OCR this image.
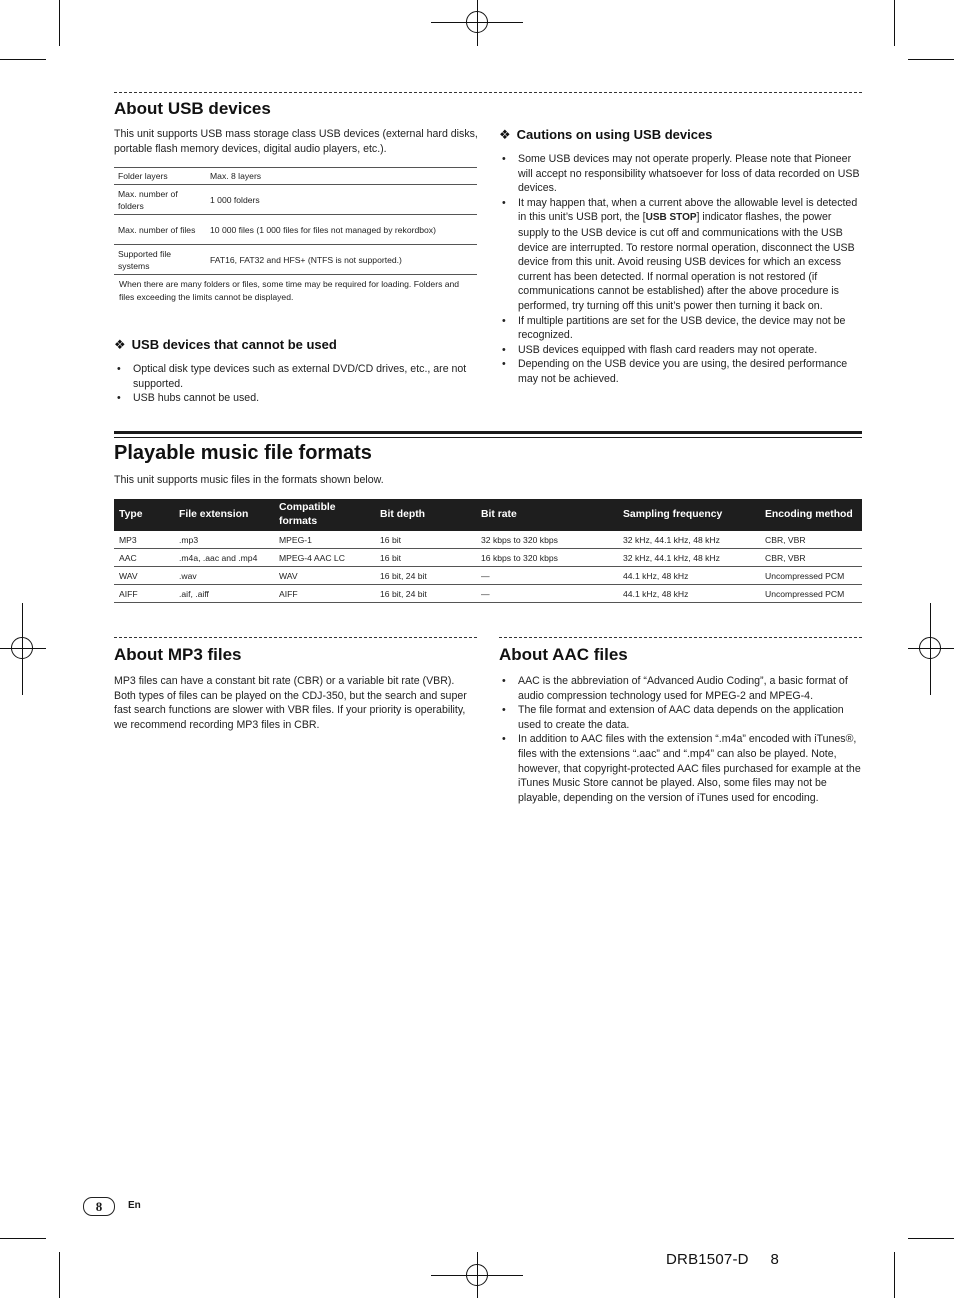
About USB devices

This unit supports USB mass storage class USB devices (external hard disks, portable flash memory devices, digital audio players, etc.).

Folder layers	Max. 8 layers
Max. number of folders	1 000 folders
Max. number of files	10 000 files (1 000 files for files not managed by rekordbox)
Supported file systems	FAT16, FAT32 and HFS+ (NTFS is not supported.)

When there are many folders or files, some time may be required for loading. Folders and files exceeding the limits cannot be displayed.

❖ USB devices that cannot be used
• Optical disk type devices such as external DVD/CD drives, etc., are not supported.
• USB hubs cannot be used.
❖ Cautions on using USB devices
• Some USB devices may not operate properly. Please note that Pioneer will accept no responsibility whatsoever for loss of data recorded on USB devices.
• It may happen that, when a current above the allowable level is detected in this unit’s USB port, the [USB STOP] indicator flashes, the power supply to the USB device is cut off and communications with the USB device are interrupted. To restore normal operation, disconnect the USB device from this unit. Avoid reusing USB devices for which an excess current has been detected. If normal operation is not restored (if communications cannot be established) after the above procedure is performed, try turning off this unit’s power then turning it back on.
• If multiple partitions are set for the USB device, the device may not be recognized.
• USB devices equipped with flash card readers may not operate.
• Depending on the USB device you are using, the desired performance may not be achieved.
Playable music file formats

This unit supports music files in the formats shown below.

Type	File extension	Compatible formats	Bit depth	Bit rate	Sampling frequency	Encoding method
MP3	.mp3	MPEG-1	16 bit	32 kbps to 320 kbps	32 kHz, 44.1 kHz, 48 kHz	CBR, VBR
AAC	.m4a, .aac and .mp4	MPEG-4 AAC LC	16 bit	16 kbps to 320 kbps	32 kHz, 44.1 kHz, 48 kHz	CBR, VBR
WAV	.wav	WAV	16 bit, 24 bit	—	44.1 kHz, 48 kHz	Uncompressed PCM
AIFF	.aif, .aiff	AIFF	16 bit, 24 bit	—	44.1 kHz, 48 kHz	Uncompressed PCM
About MP3 files

MP3 files can have a constant bit rate (CBR) or a variable bit rate (VBR). Both types of files can be played on the CDJ-350, but the search and super fast search functions are slower with VBR files. If your priority is operability, we recommend recording MP3 files in CBR.

About AAC files
• AAC is the abbreviation of “Advanced Audio Coding”, a basic format of audio compression technology used for MPEG-2 and MPEG-4.
• The file format and extension of AAC data depends on the application used to create the data.
• In addition to AAC files with the extension “.m4a” encoded with iTunes®, files with the extensions “.aac” and “.mp4” can also be played. Note, however, that copyright-protected AAC files purchased for example at the iTunes Music Store cannot be played. Also, some files may not be playable, depending on the version of iTunes used for encoding.
8	En
DRB1507-D     8
